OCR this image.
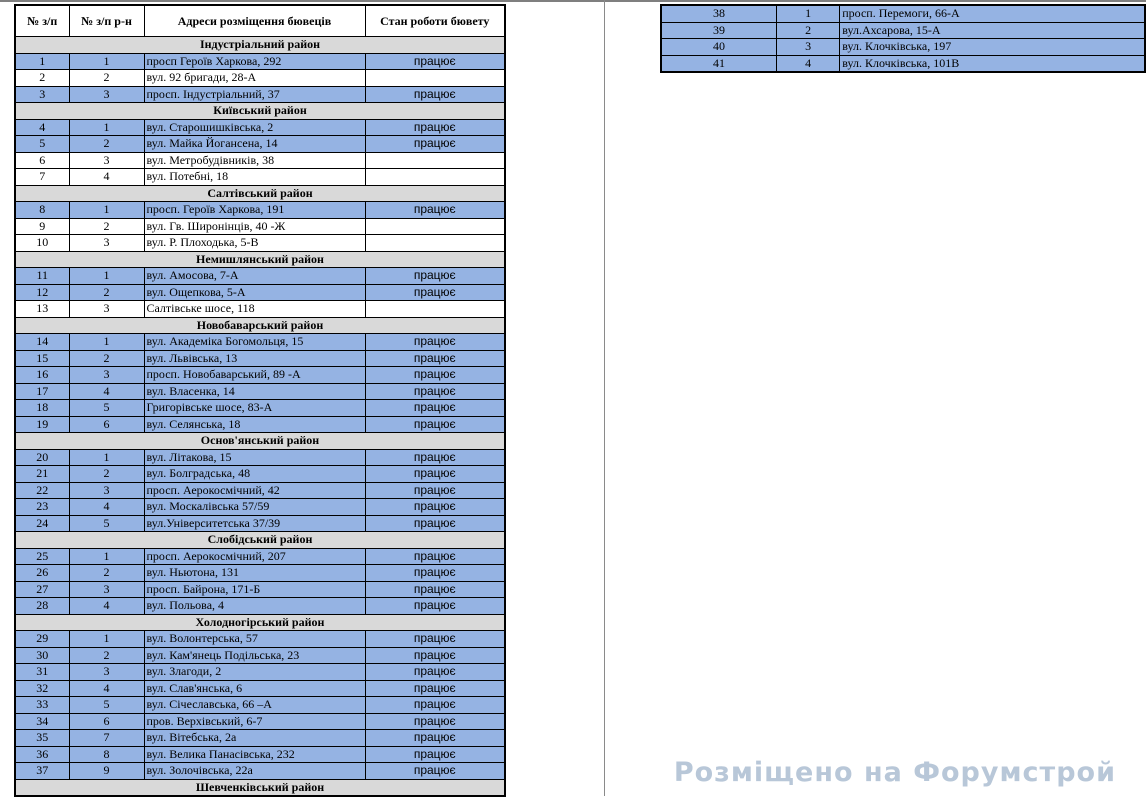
№ з/п	№ з/п р-н	Адреси розміщення бювеців	Стан роботи бювету
Індустріальний район			
1	1	просп Героїв Харкова, 292	працює
2	2	вул. 92 бригади, 28-А	
3	3	просп. Індустріальний, 37	працює
Київський район			
4	1	вул. Старошишківська, 2	працює
5	2	вул. Майка Йогансена, 14	працює
6	3	вул. Метробудівників, 38	
7	4	вул. Потебні, 18	
Салтівський район			
8	1	просп. Героїв Харкова, 191	працює
9	2	вул. Гв. Широнінців, 40 -Ж	
10	3	вул. Р. Плоходька, 5-В	
Немишлянський район			
11	1	вул. Амосова, 7-А	працює
12	2	вул. Ощепкова, 5-А	працює
13	3	Салтівське шосе, 118	
Новобаварський район			
14	1	вул. Академіка Богомольця, 15	працює
15	2	вул. Львівська, 13	працює
16	3	просп. Новобаварський, 89 -А	працює
17	4	вул. Власенка, 14	працює
18	5	Григорівське шосе, 83-А	працює
19	6	вул. Селянська, 18	працює
Основ'янський район			
20	1	вул. Літакова, 15	працює
21	2	вул. Болградська, 48	працює
22	3	просп. Аерокосмічний, 42	працює
23	4	вул. Москалівська 57/59	працює
24	5	вул.Університетська 37/39	працює
Слобідський район			
25	1	просп. Аерокосмічний, 207	працює
26	2	вул. Ньютона, 131	працює
27	3	просп. Байрона, 171-Б	працює
28	4	вул. Польова, 4	працює
Холодногірський район			
29	1	вул. Волонтерська, 57	працює
30	2	вул. Кам'янець Подільська, 23	працює
31	3	вул. Злагоди, 2	працює
32	4	вул. Слав'янська, 6	працює
33	5	вул. Січеславська, 66 –А	працює
34	6	пров. Верхівський, 6-7	працює
35	7	вул. Вітебська, 2а	працює
36	8	вул. Велика Панасівська, 232	працює
37	9	вул. Золочівська, 22а	працює
Шевченківський район			
38	1	просп. Перемоги, 66-А	
39	2	вул.Ахсарова, 15-А	
40	3	вул. Клочківська, 197	
41	4	вул. Клочківська, 101В	
Розміщено на Форумстрой
